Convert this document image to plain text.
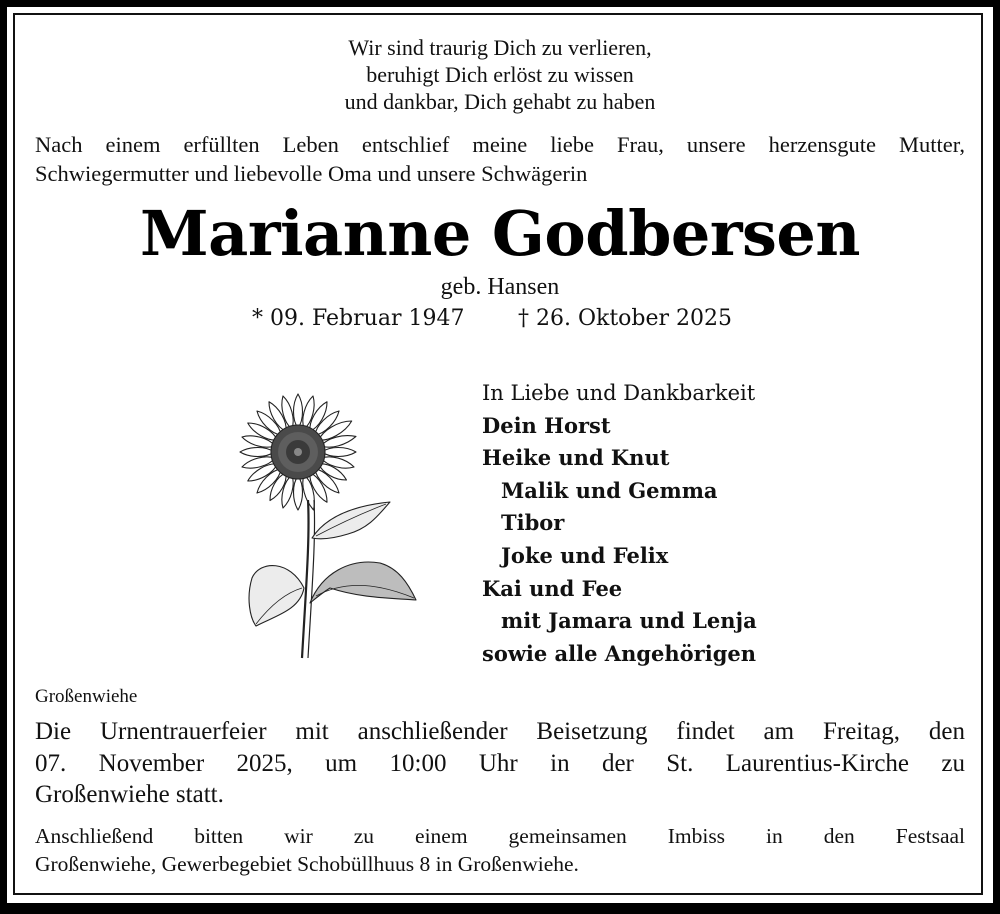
Wir sind traurig Dich zu verlieren,
beruhigt Dich erlöst zu wissen
und dankbar, Dich gehabt zu haben
Nach einem erfüllten Leben entschlief meine liebe Frau, unsere herzensgute Mutter,
Schwiegermutter und liebevolle Oma und unsere Schwägerin
Marianne Godbersen
geb. Hansen
* 09. Februar 1947 † 26. Oktober 2025
In Liebe und Dankbarkeit
Dein Horst
Heike und Knut
Malik und Gemma
Tibor
Joke und Felix
Kai und Fee
mit Jamara und Lenja
sowie alle Angehörigen
Großenwiehe
Die Urnentrauerfeier mit anschließender Beisetzung findet am Freitag, den
07. November 2025, um 10:00 Uhr in der St. Laurentius-Kirche zu
Großenwiehe statt.
Anschließend bitten wir zu einem gemeinsamen Imbiss in den Festsaal
Großenwiehe, Gewerbegebiet Schobüllhuus 8 in Großenwiehe.
